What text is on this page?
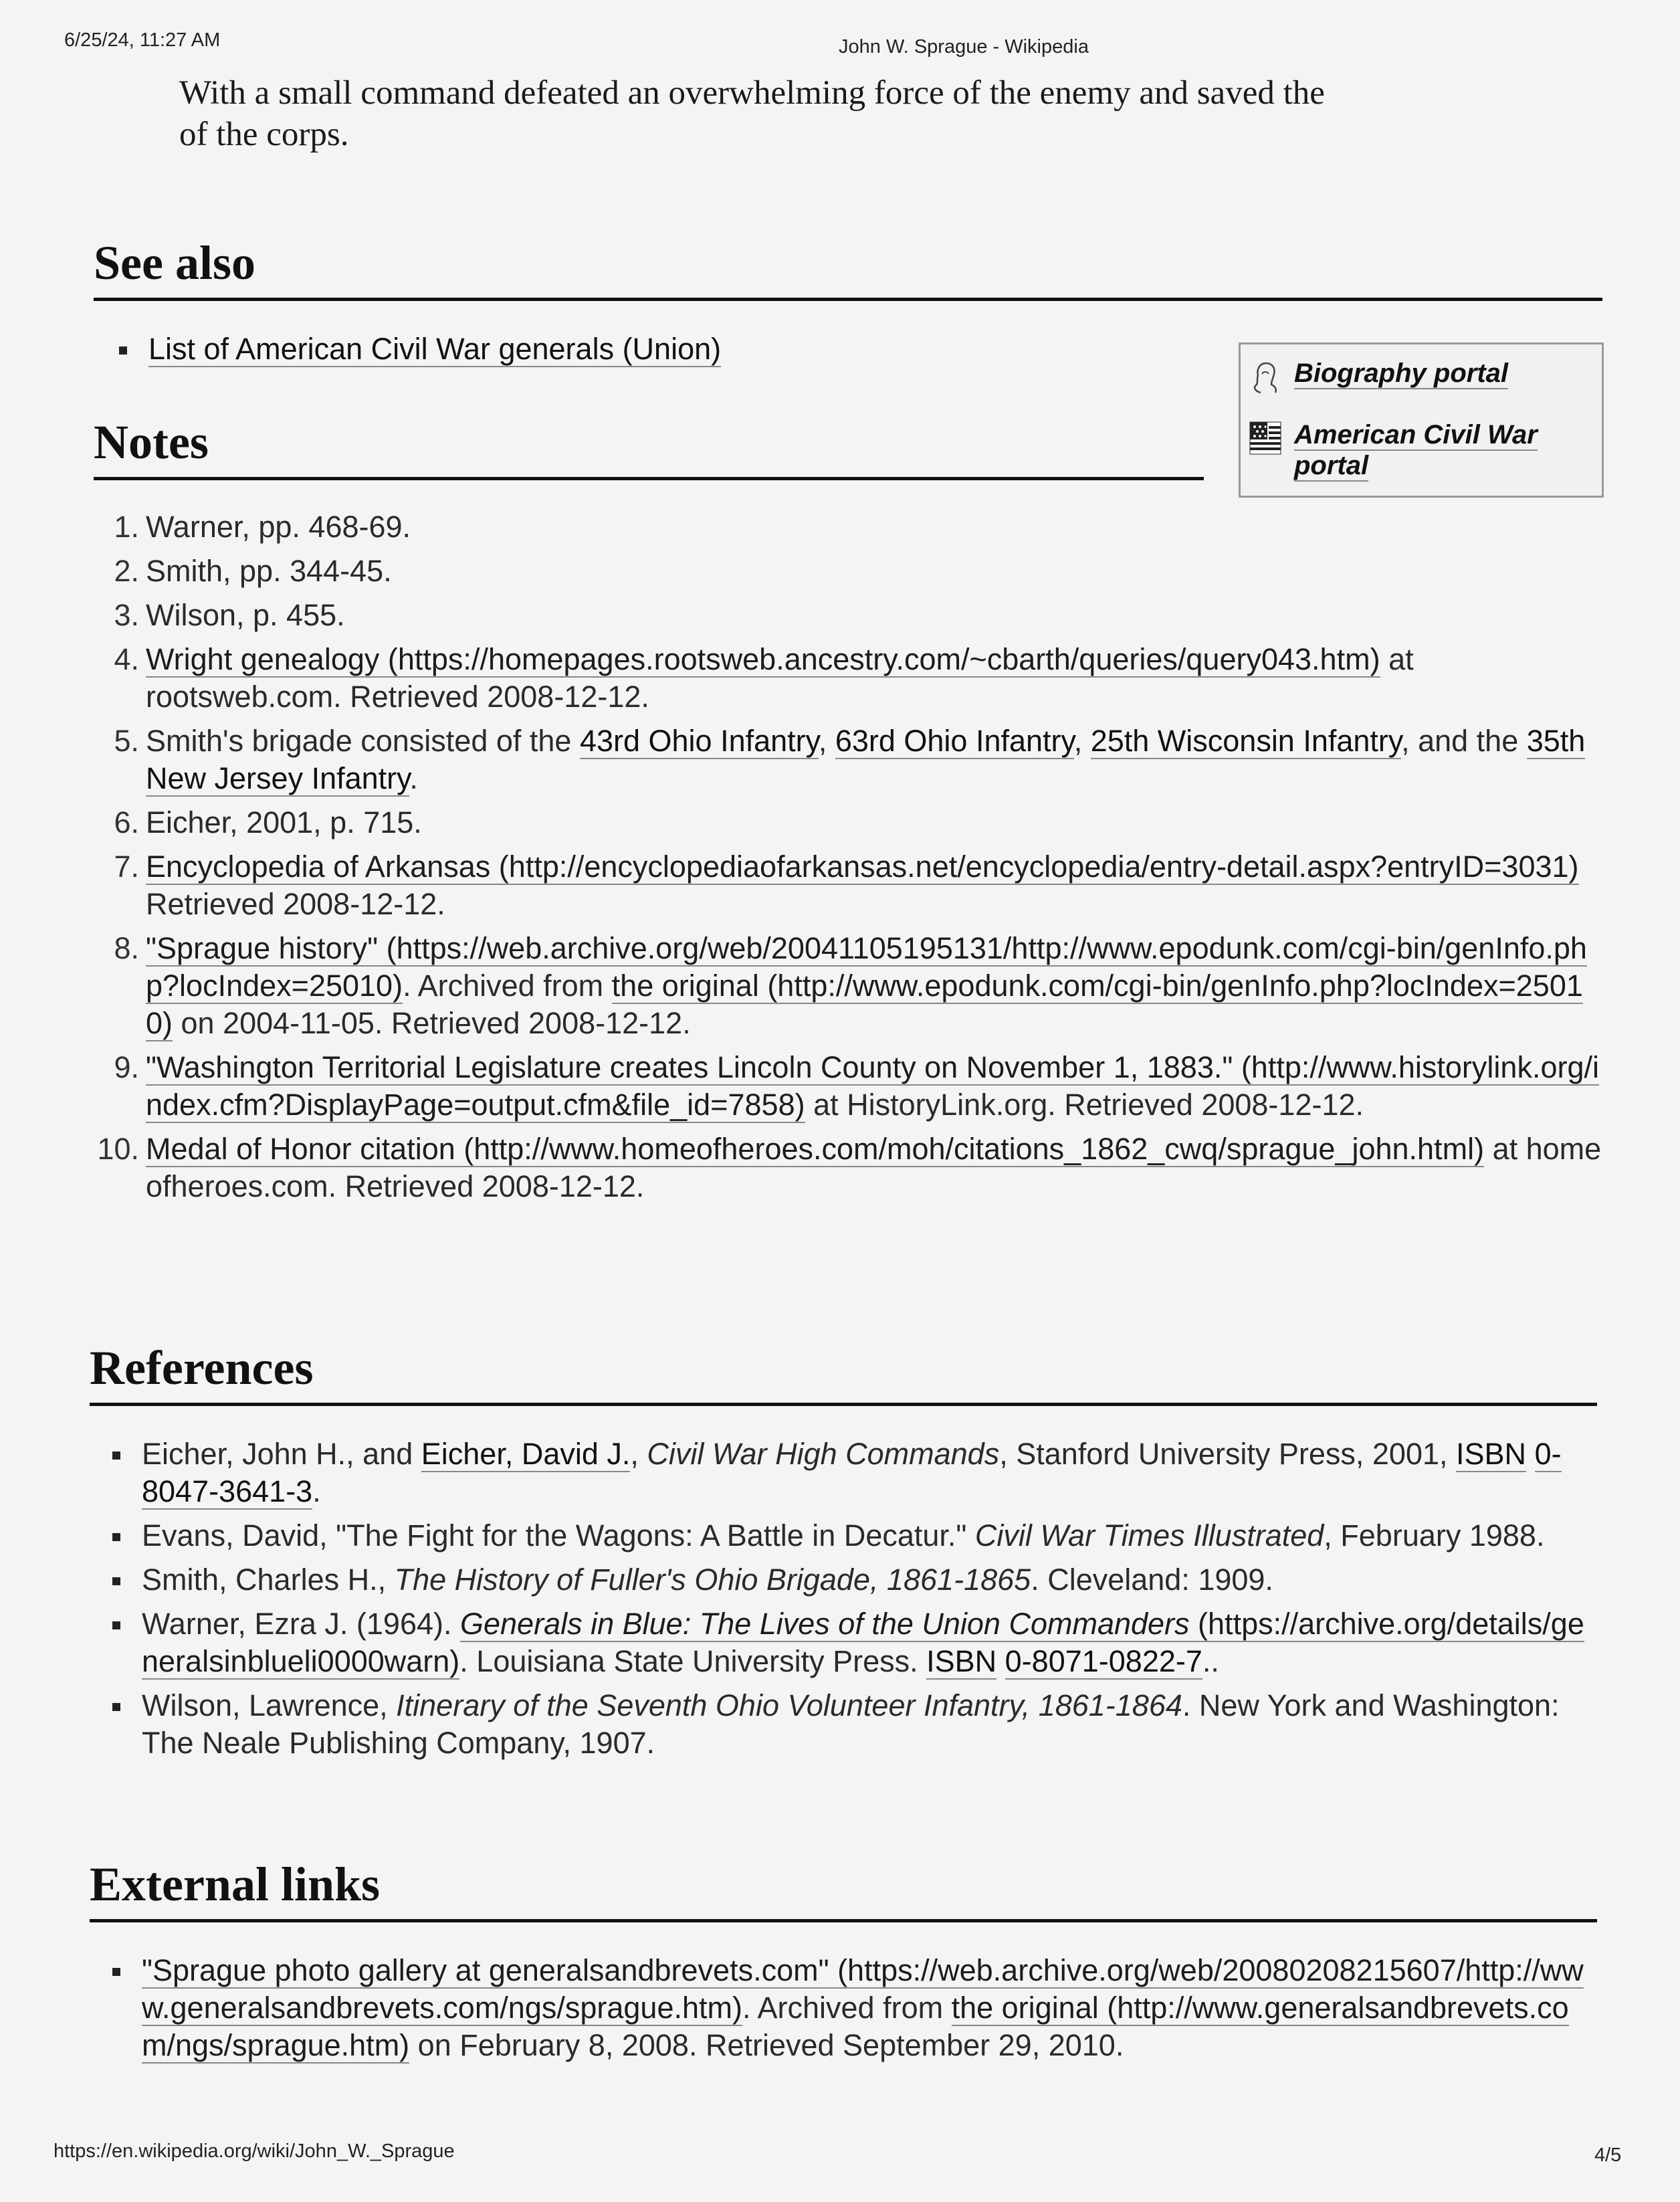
6/25/24, 11:27 AM	John W. Sprague - Wikipedia
With a small command defeated an overwhelming force of the enemy and saved the
of the corps.
See also
List of American Civil War generals (Union)
Biography portal
American Civil War portal
Notes
1. Warner, pp. 468-69.
2. Smith, pp. 344-45.
3. Wilson, p. 455.
4. Wright genealogy (https://homepages.rootsweb.ancestry.com/~cbarth/queries/query043.htm) at rootsweb.com. Retrieved 2008-12-12.
5. Smith's brigade consisted of the 43rd Ohio Infantry, 63rd Ohio Infantry, 25th Wisconsin Infantry, and the 35th New Jersey Infantry.
6. Eicher, 2001, p. 715.
7. Encyclopedia of Arkansas (http://encyclopediaofarkansas.net/encyclopedia/entry-detail.aspx?entryID=3031) Retrieved 2008-12-12.
8. "Sprague history" (https://web.archive.org/web/20041105195131/http://www.epodunk.com/cgi-bin/genInfo.php?locIndex=25010). Archived from the original (http://www.epodunk.com/cgi-bin/genInfo.php?locIndex=25010) on 2004-11-05. Retrieved 2008-12-12.
9. "Washington Territorial Legislature creates Lincoln County on November 1, 1883." (http://www.historylink.org/index.cfm?DisplayPage=output.cfm&file_id=7858) at HistoryLink.org. Retrieved 2008-12-12.
10. Medal of Honor citation (http://www.homeofheroes.com/moh/citations_1862_cwq/sprague_john.html) at homeofheroes.com. Retrieved 2008-12-12.
References
Eicher, John H., and Eicher, David J., Civil War High Commands, Stanford University Press, 2001, ISBN 0-8047-3641-3.
Evans, David, "The Fight for the Wagons: A Battle in Decatur." Civil War Times Illustrated, February 1988.
Smith, Charles H., The History of Fuller's Ohio Brigade, 1861-1865. Cleveland: 1909.
Warner, Ezra J. (1964). Generals in Blue: The Lives of the Union Commanders (https://archive.org/details/generalsinblueli0000warn). Louisiana State University Press. ISBN 0-8071-0822-7..
Wilson, Lawrence, Itinerary of the Seventh Ohio Volunteer Infantry, 1861-1864. New York and Washington: The Neale Publishing Company, 1907.
External links
"Sprague photo gallery at generalsandbrevets.com" (https://web.archive.org/web/20080208215607/http://www.generalsandbrevets.com/ngs/sprague.htm). Archived from the original (http://www.generalsandbrevets.com/ngs/sprague.htm) on February 8, 2008. Retrieved September 29, 2010.
https://en.wikipedia.org/wiki/John_W._Sprague	4/5
